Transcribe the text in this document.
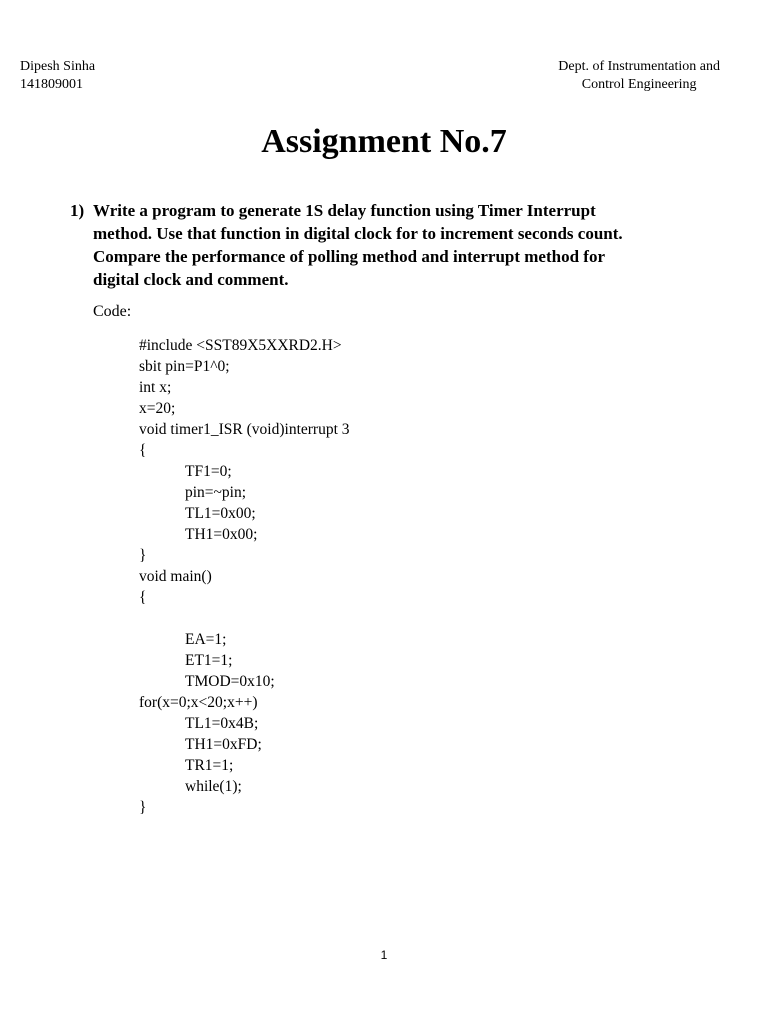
Dipesh Sinha
141809001
Dept. of Instrumentation and
Control Engineering
Assignment No.7
1) Write a program to generate 1S delay function using Timer Interrupt
method. Use that function in digital clock for to increment seconds count.
Compare the performance of polling method and interrupt method for
digital clock and comment.
Code:
#include <SST89X5XXRD2.H>
sbit pin=P1^0;
int x;
x=20;
void timer1_ISR (void)interrupt 3
{
TF1=0;
pin=~pin;
TL1=0x00;
TH1=0x00;
}
void main()
{
EA=1;
ET1=1;
TMOD=0x10;
for(x=0;x<20;x++)
TL1=0x4B;
TH1=0xFD;
TR1=1;
while(1);
}
1
